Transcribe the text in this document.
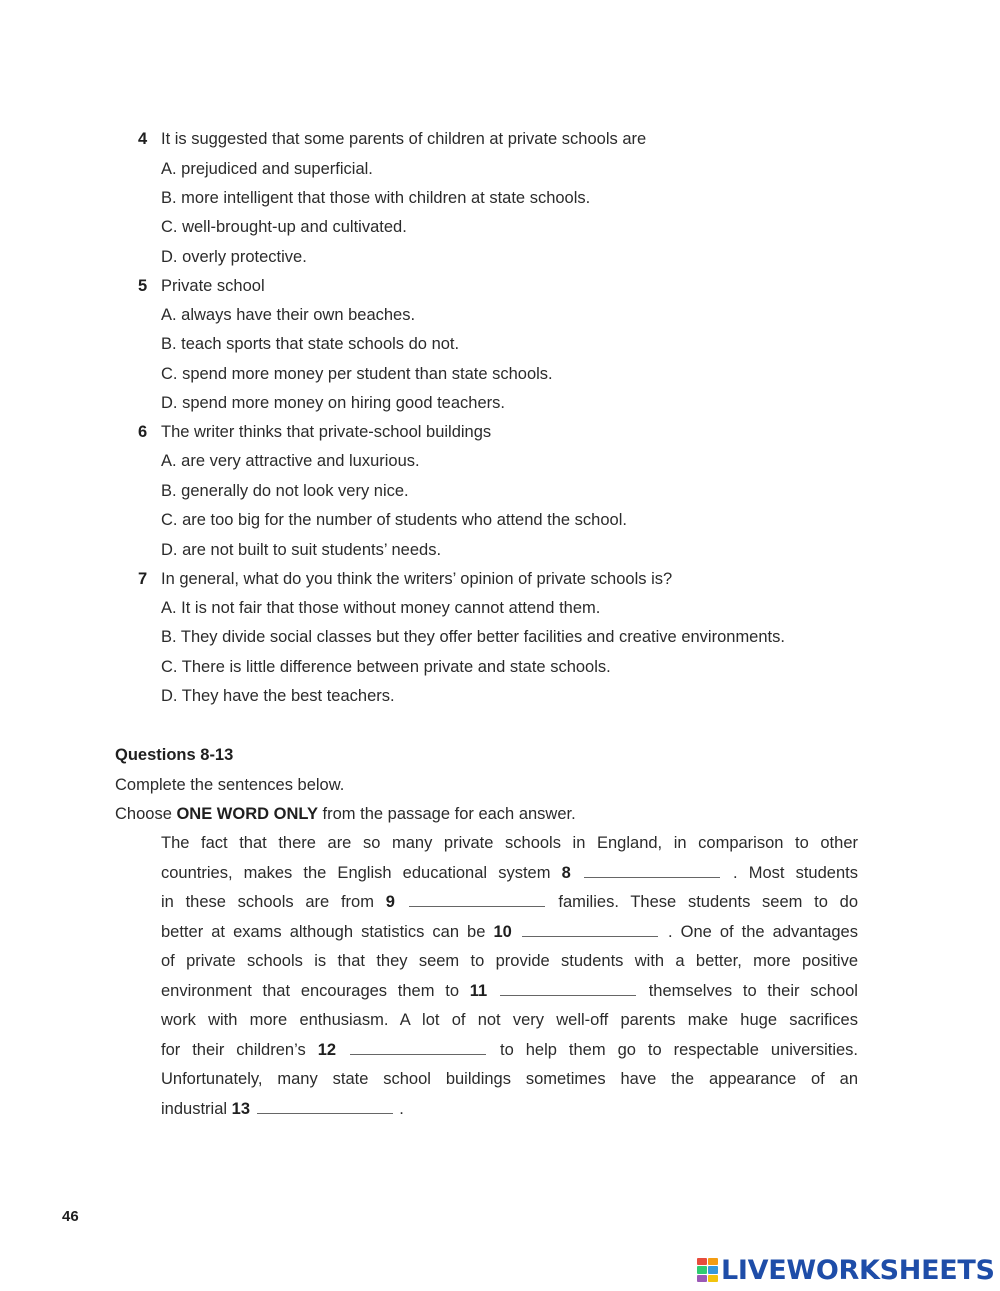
4 It is suggested that some parents of children at private schools are
A. prejudiced and superficial.
B. more intelligent that those with children at state schools.
C. well-brought-up and cultivated.
D. overly protective.
5 Private school
A. always have their own beaches.
B. teach sports that state schools do not.
C. spend more money per student than state schools.
D. spend more money on hiring good teachers.
6 The writer thinks that private-school buildings
A. are very attractive and luxurious.
B. generally do not look very nice.
C. are too big for the number of students who attend the school.
D. are not built to suit students’ needs.
7 In general, what do you think the writers’ opinion of private schools is?
A. It is not fair that those without money cannot attend them.
B. They divide social classes but they offer better facilities and creative environments.
C. There is little difference between private and state schools.
D. They have the best teachers.
Questions 8-13
Complete the sentences below.
Choose ONE WORD ONLY from the passage for each answer.
The fact that there are so many private schools in England, in comparison to other
countries, makes the English educational system 8	. Most students
in these schools are from 9	families. These students seem to do
better at exams although statistics can be 10	. One of the advantages
of private schools is that they seem to provide students with a better, more positive
environment that encourages them to 11	themselves to their school
work with more enthusiasm. A lot of not very well-off parents make huge sacrifices
for their children’s 12	to help them go to respectable universities.
Unfortunately, many state school buildings sometimes have the appearance of an
industrial 13	.
46
LIVEWORKSHEETS
